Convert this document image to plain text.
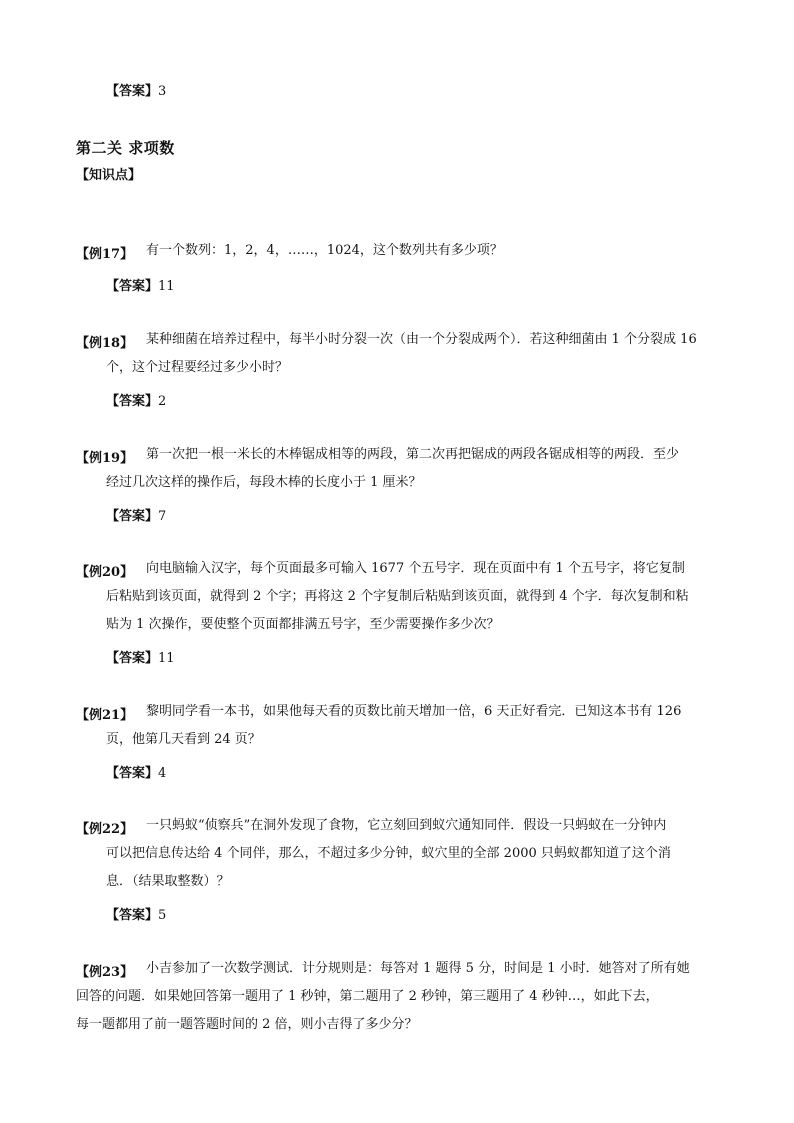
【答案】3
第二关 求项数
【知识点】
【例17】 有一个数列：1，2，4，……，1024，这个数列共有多少项？
【答案】11
【例18】 某种细菌在培养过程中，每半小时分裂一次（由一个分裂成两个）．若这种细菌由 1 个分裂成 16
个，这个过程要经过多少小时？
【答案】2
【例19】 第一次把一根一米长的木棒锯成相等的两段，第二次再把锯成的两段各锯成相等的两段．至少
经过几次这样的操作后，每段木棒的长度小于 1 厘米？
【答案】7
【例20】 向电脑输入汉字，每个页面最多可输入 1677 个五号字．现在页面中有 1 个五号字，将它复制
后粘贴到该页面，就得到 2 个字；再将这 2 个字复制后粘贴到该页面，就得到 4 个字．每次复制和粘
贴为 1 次操作，要使整个页面都排满五号字，至少需要操作多少次？
【答案】11
【例21】 黎明同学看一本书，如果他每天看的页数比前天增加一倍，6 天正好看完．已知这本书有 126
页，他第几天看到 24 页？
【答案】4
【例22】 一只蚂蚁“侦察兵”在洞外发现了食物，它立刻回到蚁穴通知同伴．假设一只蚂蚁在一分钟内
可以把信息传达给 4 个同伴，那么，不超过多少分钟，蚁穴里的全部 2000 只蚂蚁都知道了这个消
息．（结果取整数）？
【答案】5
【例23】 小吉参加了一次数学测试．计分规则是：每答对 1 题得 5 分，时间是 1 小时．她答对了所有她
回答的问题．如果她回答第一题用了 1 秒钟，第二题用了 2 秒钟，第三题用了 4 秒钟…，如此下去，
每一题都用了前一题答题时间的 2 倍，则小吉得了多少分？
